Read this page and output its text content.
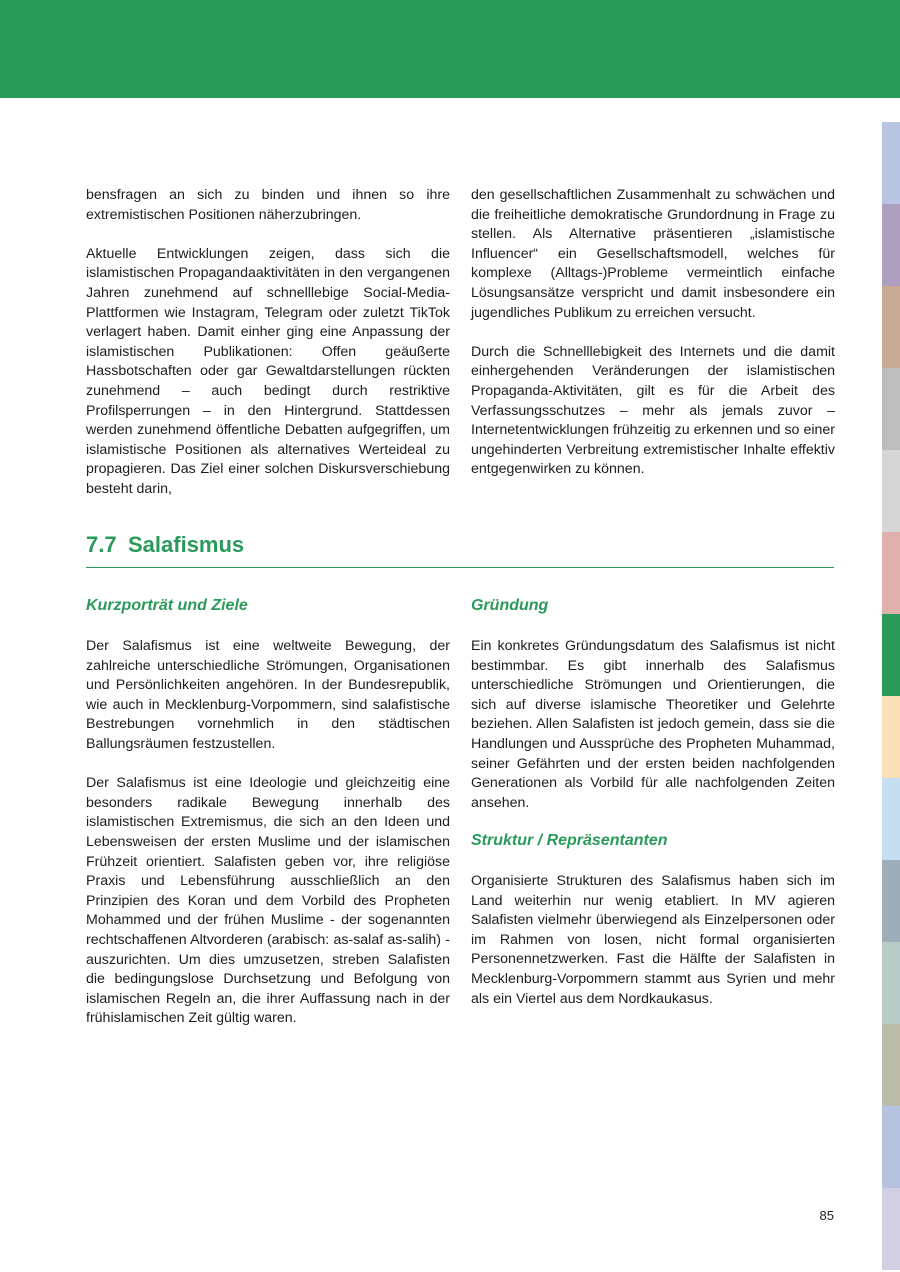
bensfragen an sich zu binden und ihnen so ihre extremistischen Positionen näherzubringen.

Aktuelle Entwicklungen zeigen, dass sich die islamistischen Propagandaaktivitäten in den vergangenen Jahren zunehmend auf schnelllebige Social-Media-Plattformen wie Instagram, Telegram oder zuletzt TikTok verlagert haben. Damit einher ging eine Anpassung der islamistischen Publikationen: Offen geäußerte Hassbotschaften oder gar Gewaltdarstellungen rückten zunehmend – auch bedingt durch restriktive Profilsperrungen – in den Hintergrund. Stattdessen werden zunehmend öffentliche Debatten aufgegriffen, um islamistische Positionen als alternatives Werteideal zu propagieren. Das Ziel einer solchen Diskursverschiebung besteht darin,

den gesellschaftlichen Zusammenhalt zu schwächen und die freiheitliche demokratische Grundordnung in Frage zu stellen. Als Alternative präsentieren „islamistische Influencer“ ein Gesellschaftsmodell, welches für komplexe (Alltags-)Probleme vermeintlich einfache Lösungsansätze verspricht und damit insbesondere ein jugendliches Publikum zu erreichen versucht.

Durch die Schnelllebigkeit des Internets und die damit einhergehenden Veränderungen der islamistischen Propaganda-Aktivitäten, gilt es für die Arbeit des Verfassungsschutzes – mehr als jemals zuvor – Internetentwicklungen frühzeitig zu erkennen und so einer ungehinderten Verbreitung extremistischer Inhalte effektiv entgegenwirken zu können.

7.7 Salafismus
Kurzporträt und Ziele

Der Salafismus ist eine weltweite Bewegung, der zahlreiche unterschiedliche Strömungen, Organisationen und Persönlichkeiten angehören. In der Bundesrepublik, wie auch in Mecklenburg-Vorpommern, sind salafistische Bestrebungen vornehmlich in den städtischen Ballungsräumen festzustellen.

Der Salafismus ist eine Ideologie und gleichzeitig eine besonders radikale Bewegung innerhalb des islamistischen Extremismus, die sich an den Ideen und Lebensweisen der ersten Muslime und der islamischen Frühzeit orientiert. Salafisten geben vor, ihre religiöse Praxis und Lebensführung ausschließlich an den Prinzipien des Koran und dem Vorbild des Propheten Mohammed und der frühen Muslime - der sogenannten rechtschaffenen Altvorderen (arabisch: as-salaf as-salih) - auszurichten. Um dies umzusetzen, streben Salafisten die bedingungslose Durchsetzung und Befolgung von islamischen Regeln an, die ihrer Auffassung nach in der frühislamischen Zeit gültig waren.

Gründung

Ein konkretes Gründungsdatum des Salafismus ist nicht bestimmbar. Es gibt innerhalb des Salafismus unterschiedliche Strömungen und Orientierungen, die sich auf diverse islamische Theoretiker und Gelehrte beziehen. Allen Salafisten ist jedoch gemein, dass sie die Handlungen und Aussprüche des Propheten Muhammad, seiner Gefährten und der ersten beiden nachfolgenden Generationen als Vorbild für alle nachfolgenden Zeiten ansehen.

Struktur / Repräsentanten

Organisierte Strukturen des Salafismus haben sich im Land weiterhin nur wenig etabliert. In MV agieren Salafisten vielmehr überwiegend als Einzelpersonen oder im Rahmen von losen, nicht formal organisierten Personennetzwerken. Fast die Hälfte der Salafisten in Mecklenburg-Vorpommern stammt aus Syrien und mehr als ein Viertel aus dem Nordkaukasus.

85
